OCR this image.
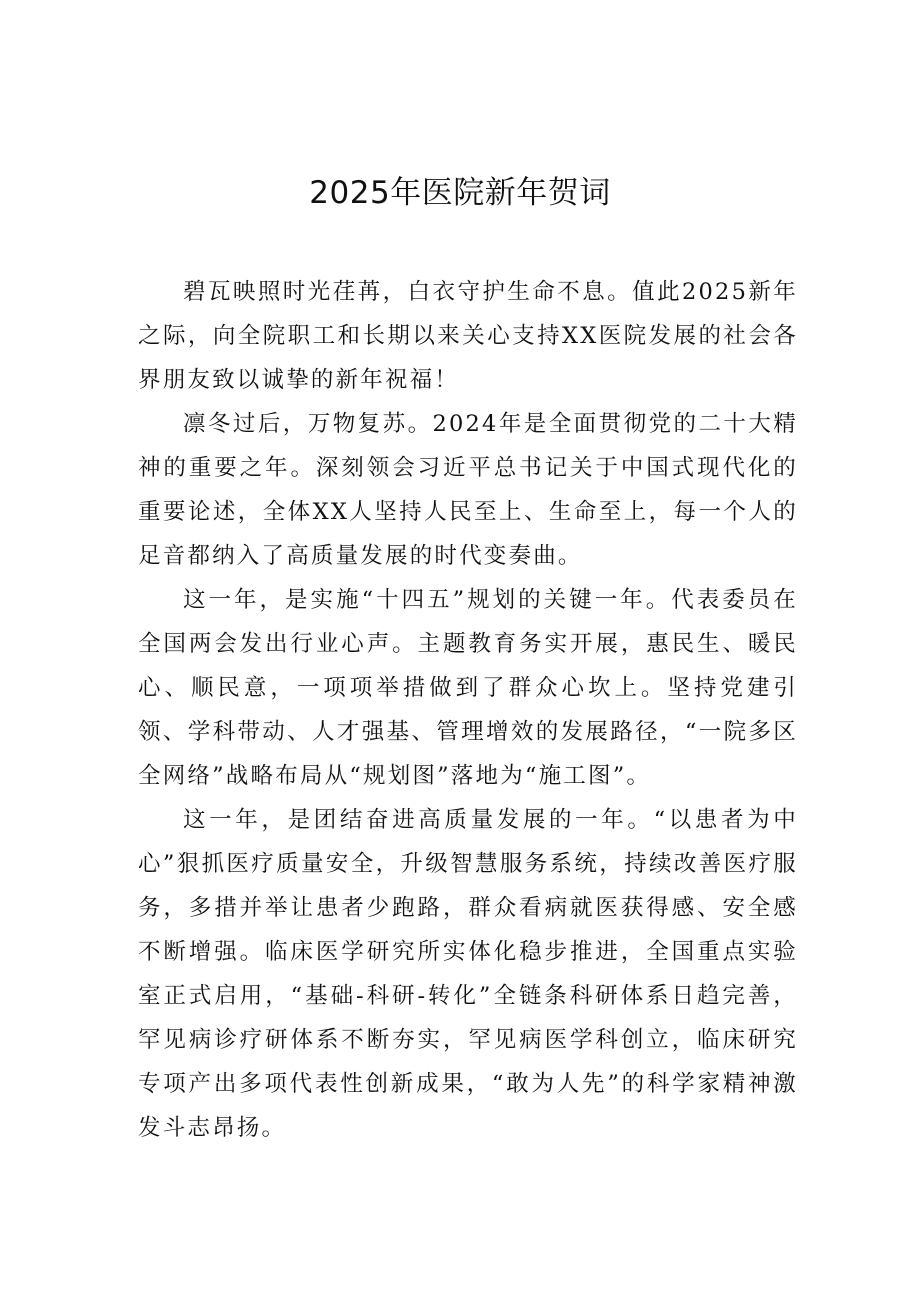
2025年医院新年贺词

碧瓦映照时光荏苒，白衣守护生命不息。值此2025新年之际，向全院职工和长期以来关心支持XX医院发展的社会各界朋友致以诚挚的新年祝福！

凛冬过后，万物复苏。2024年是全面贯彻党的二十大精神的重要之年。深刻领会习近平总书记关于中国式现代化的重要论述，全体XX人坚持人民至上、生命至上，每一个人的足音都纳入了高质量发展的时代变奏曲。

这一年，是实施“十四五”规划的关键一年。代表委员在全国两会发出行业心声。主题教育务实开展，惠民生、暖民心、顺民意，一项项举措做到了群众心坎上。坚持党建引领、学科带动、人才强基、管理增效的发展路径，“一院多区全网络”战略布局从“规划图”落地为“施工图”。

这一年，是团结奋进高质量发展的一年。“以患者为中心”狠抓医疗质量安全，升级智慧服务系统，持续改善医疗服务，多措并举让患者少跑路，群众看病就医获得感、安全感不断增强。临床医学研究所实体化稳步推进，全国重点实验室正式启用，“基础-科研-转化”全链条科研体系日趋完善，罕见病诊疗研体系不断夯实，罕见病医学科创立，临床研究专项产出多项代表性创新成果，“敢为人先”的科学家精神激发斗志昂扬。
